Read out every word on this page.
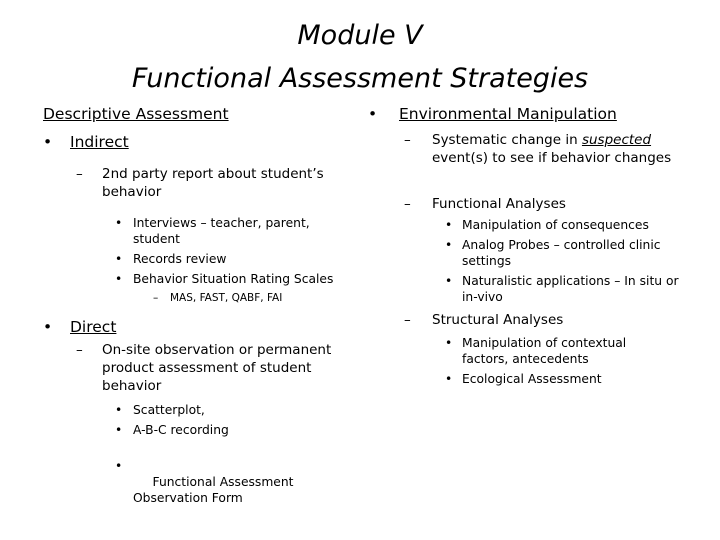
Module V
Functional Assessment Strategies
Descriptive Assessment
• Indirect
– 2nd party report about student’s behavior
• Interviews – teacher, parent, student
• Records review
• Behavior Situation Rating Scales
– MAS, FAST, QABF, FAI
• Direct
– On-site observation or permanent product assessment of student behavior
• Scatterplot,
• A-B-C recording

•

Functional Assessment Observation Form

• Environmental Manipulation
– Systematic change in suspected event(s) to see if behavior changes
– Functional Analyses
• Manipulation of consequences
• Analog Probes – controlled clinic settings
• Naturalistic applications – In situ or in-vivo
– Structural Analyses
• Manipulation of contextual factors, antecedents
• Ecological Assessment
